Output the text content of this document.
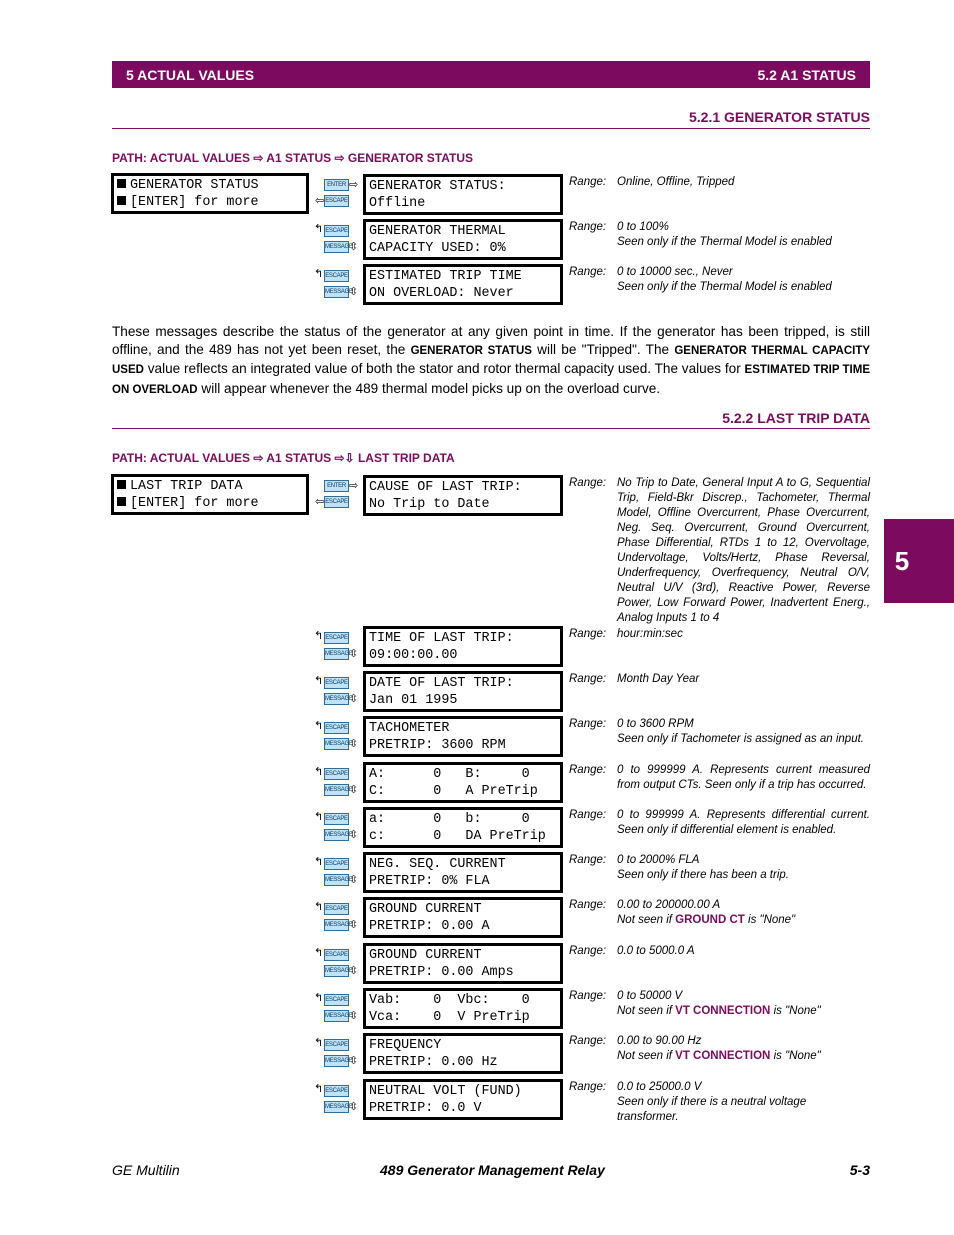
5 ACTUAL VALUES	5.2 A1 STATUS
5.2.1 GENERATOR STATUS
PATH: ACTUAL VALUES ⇨ A1 STATUS ⇨ GENERATOR STATUS
GENERATOR STATUS
[ENTER] for more
ENTER ⇨
⇦ ESCAPE
GENERATOR STATUS:
Offline
Range: Online, Offline, Tripped
↰ ESCAPE
MESSAGE
⇳
GENERATOR THERMAL
CAPACITY USED: 0%
Range: 0 to 100%
Seen only if the Thermal Model is enabled
↰ ESCAPE
MESSAGE
⇳
ESTIMATED TRIP TIME
ON OVERLOAD: Never
Range: 0 to 10000 sec., Never
Seen only if the Thermal Model is enabled
These messages describe the status of the generator at any given point in time. If the generator has been tripped, is still offline, and the 489 has not yet been reset, the GENERATOR STATUS will be "Tripped". The GENERATOR THERMAL CAPACITY USED value reflects an integrated value of both the stator and rotor thermal capacity used. The values for ESTIMATED TRIP TIME ON OVERLOAD will appear whenever the 489 thermal model picks up on the overload curve.
5.2.2 LAST TRIP DATA
PATH: ACTUAL VALUES ⇨ A1 STATUS ⇨⇩ LAST TRIP DATA
LAST TRIP DATA
[ENTER] for more
ENTER ⇨
⇦ ESCAPE
CAUSE OF LAST TRIP:
No Trip to Date
Range: No Trip to Date, General Input A to G, Sequential Trip, Field-Bkr Discrep., Tachometer, Thermal Model, Offline Overcurrent, Phase Overcurrent, Neg. Seq. Overcurrent, Ground Overcurrent, Phase Differential, RTDs 1 to 12, Overvoltage, Undervoltage, Volts/Hertz, Phase Reversal, Underfrequency, Overfrequency, Neutral O/V, Neutral U/V (3rd), Reactive Power, Reverse Power, Low Forward Power, Inadvertent Energ., Analog Inputs 1 to 4
↰ ESCAPE
MESSAGE
⇳
TIME OF LAST TRIP:
09:00:00.00
Range: hour:min:sec
↰ ESCAPE
MESSAGE
⇳
DATE OF LAST TRIP:
Jan 01 1995
Range: Month Day Year
↰ ESCAPE
MESSAGE
⇳
TACHOMETER
PRETRIP: 3600 RPM
Range: 0 to 3600 RPM
Seen only if Tachometer is assigned as an input.
↰ ESCAPE
MESSAGE
⇳
A:      0   B:     0
C:      0   A PreTrip
Range: 0 to 999999 A. Represents current measured from output CTs. Seen only if a trip has occurred.
↰ ESCAPE
MESSAGE
⇳
a:      0   b:     0
c:      0   DA PreTrip
Range: 0 to 999999 A. Represents differential current. Seen only if differential element is enabled.
↰ ESCAPE
MESSAGE
⇳
NEG. SEQ. CURRENT
PRETRIP: 0% FLA
Range: 0 to 2000% FLA
Seen only if there has been a trip.
↰ ESCAPE
MESSAGE
⇳
GROUND CURRENT
PRETRIP: 0.00 A
Range: 0.00 to 200000.00 A
Not seen if GROUND CT is "None"
↰ ESCAPE
MESSAGE
⇳
GROUND CURRENT
PRETRIP: 0.00 Amps
Range: 0.0 to 5000.0 A
↰ ESCAPE
MESSAGE
⇳
Vab:    0  Vbc:    0
Vca:    0  V PreTrip
Range: 0 to 50000 V
Not seen if VT CONNECTION is "None"
↰ ESCAPE
MESSAGE
⇳
FREQUENCY
PRETRIP: 0.00 Hz
Range: 0.00 to 90.00 Hz
Not seen if VT CONNECTION is "None"
↰ ESCAPE
MESSAGE
⇳
NEUTRAL VOLT (FUND)
PRETRIP: 0.0 V
Range: 0.0 to 25000.0 V
Seen only if there is a neutral voltage transformer.
5
GE Multilin	489 Generator Management Relay	5-3
